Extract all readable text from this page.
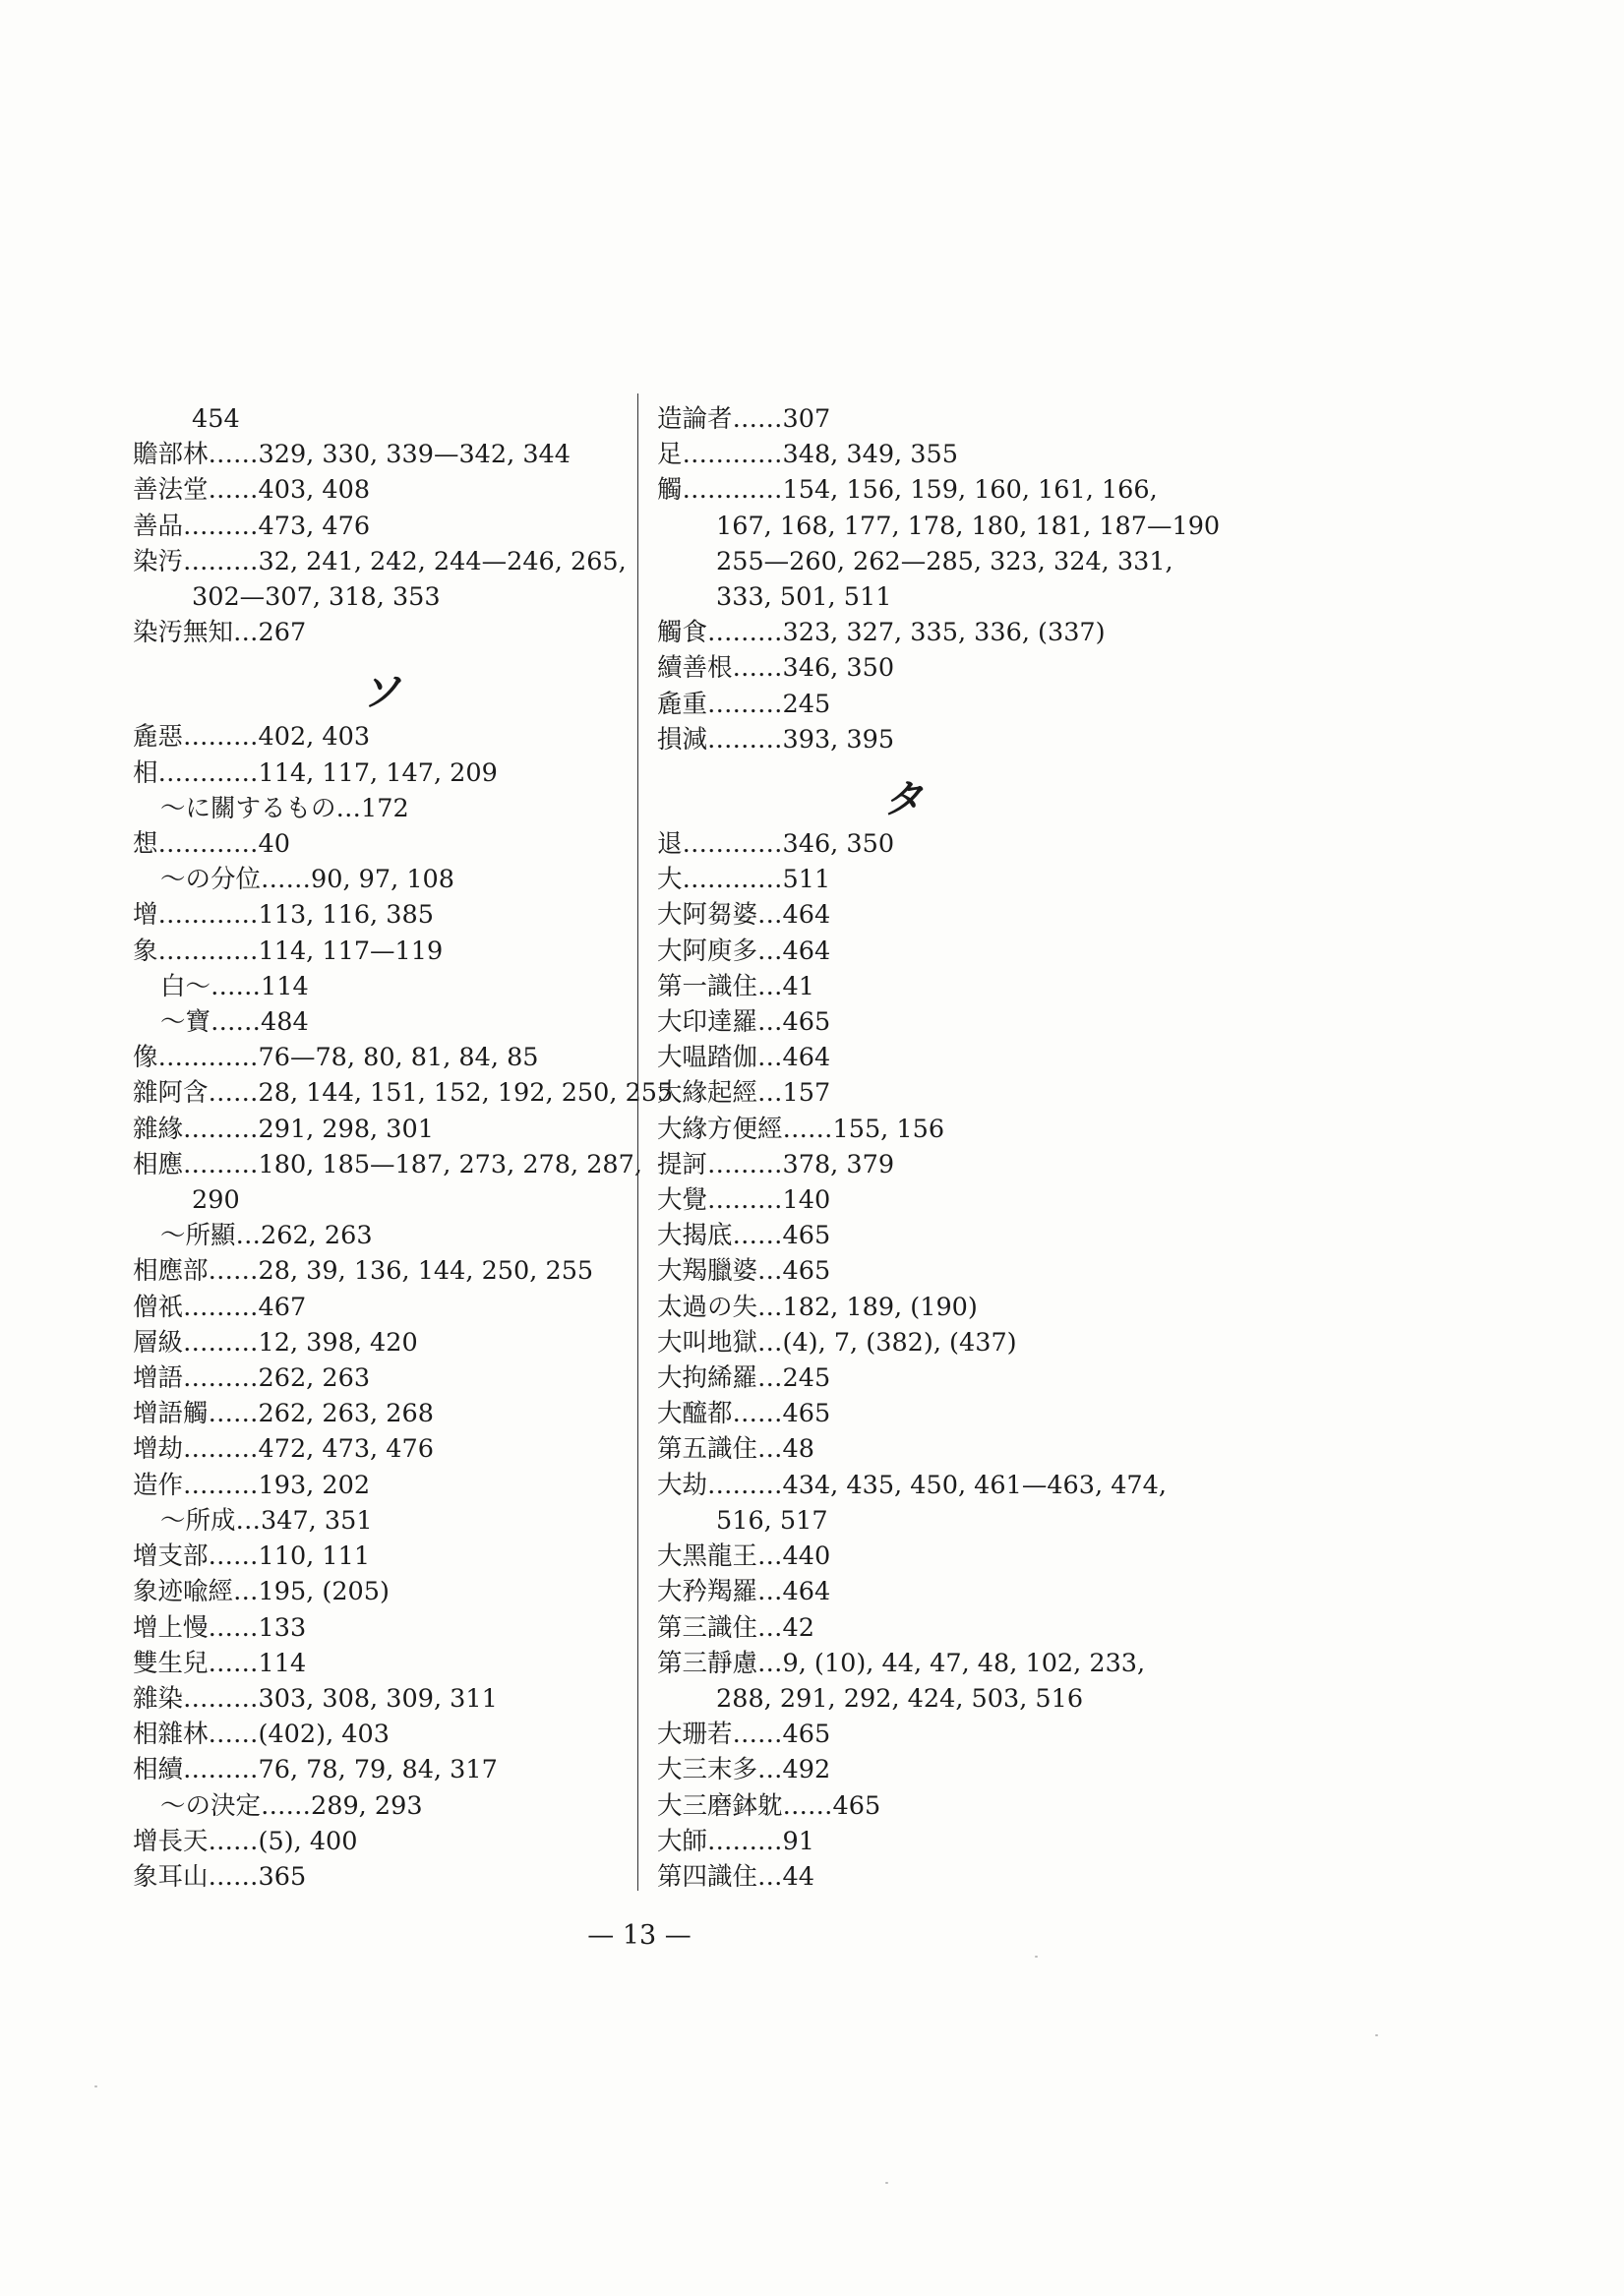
454
贍部林……329, 330, 339—342, 344
善法堂……403, 408
善品………473, 476
染汚………32, 241, 242, 244—246, 265,
302—307, 318, 353
染汚無知…267
ソ
麁惡………402, 403
相…………114, 117, 147, 209
～に關するもの…172
想…………40
～の分位……90, 97, 108
增…………113, 116, 385
象…………114, 117—119
白～……114
～寶……484
像…………76—78, 80, 81, 84, 85
雜阿含……28, 144, 151, 152, 192, 250, 255
雜緣………291, 298, 301
相應………180, 185—187, 273, 278, 287,
290
～所顯…262, 263
相應部……28, 39, 136, 144, 250, 255
僧祇………467
層級………12, 398, 420
增語………262, 263
增語觸……262, 263, 268
增劫………472, 473, 476
造作………193, 202
～所成…347, 351
增支部……110, 111
象迹喩經…195, (205)
增上慢……133
雙生兒……114
雜染………303, 308, 309, 311
相雜林……(402), 403
相續………76, 78, 79, 84, 317
～の決定……289, 293
增長天……(5), 400
象耳山……365
造論者……307
足…………348, 349, 355
觸…………154, 156, 159, 160, 161, 166,
167, 168, 177, 178, 180, 181, 187—190
255—260, 262—285, 323, 324, 331,
333, 501, 511
觸食………323, 327, 335, 336, (337)
續善根……346, 350
麁重………245
損減………393, 395
タ
退…………346, 350
大…………511
大阿芻婆…464
大阿庾多…464
第一識住…41
大印達羅…465
大嗢踏伽…464
大緣起經…157
大緣方便經……155, 156
提訶………378, 379
大覺………140
大揭底……465
大羯臘婆…465
太過の失…182, 189, (190)
大叫地獄…(4), 7, (382), (437)
大拘絺羅…245
大醯都……465
第五識住…48
大劫………434, 435, 450, 461—463, 474,
516, 517
大黑龍王…440
大矜羯羅…464
第三識住…42
第三靜慮…9, (10), 44, 47, 48, 102, 233,
288, 291, 292, 424, 503, 516
大珊若……465
大三末多…492
大三磨鉢躭……465
大師………91
第四識住…44
— 13 —
